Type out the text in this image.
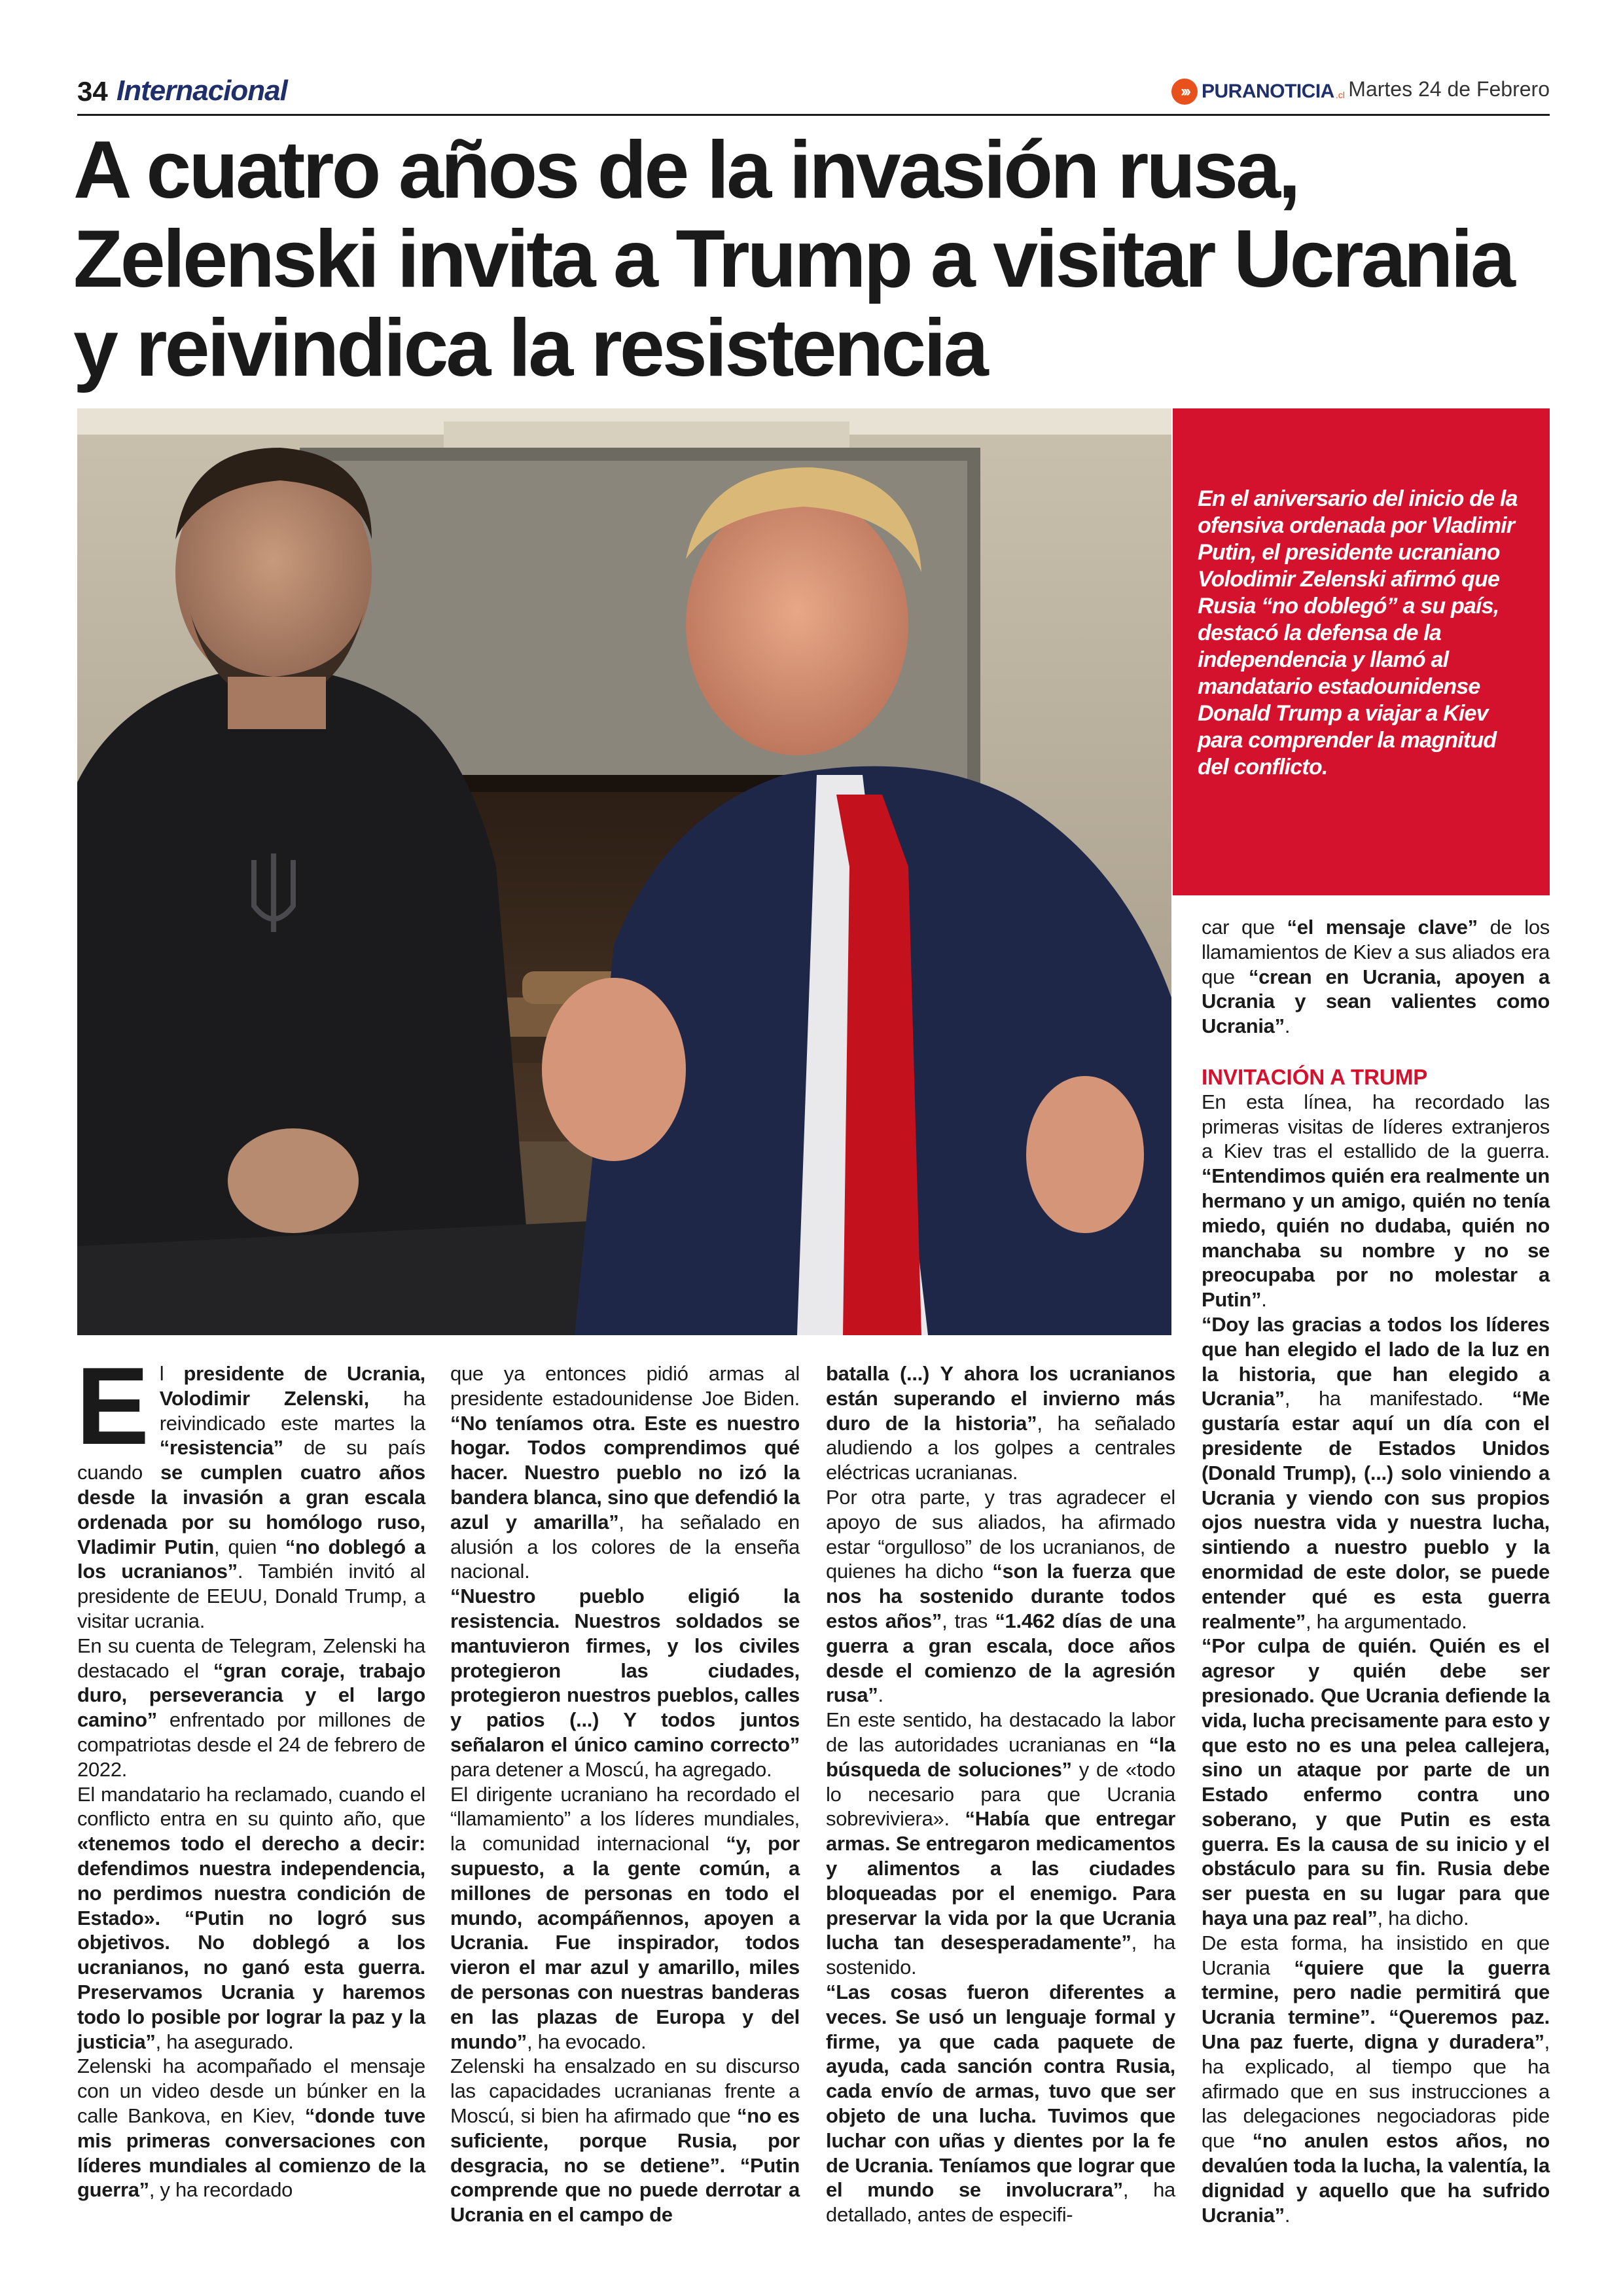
34 Internacional	››› PURANOTICIA .cl Martes 24 de Febrero
A cuatro años de la invasión rusa, Zelenski invita a Trump a visitar Ucrania y reivindica la resistencia

En el aniversario del inicio de la ofensiva ordenada por Vladimir Putin, el presidente ucraniano Volodimir Zelenski afirmó que Rusia “no doblegó” a su país, destacó la defensa de la independencia y llamó al mandatario estadounidense Donald Trump a viajar a Kiev para comprender la magnitud del conflicto.

E l presidente de Ucrania, Volodimir Zelenski, ha reivindicado este martes la “resistencia” de su país cuando se cumplen cuatro años desde la invasión a gran escala ordenada por su homólogo ruso, Vladimir Putin, quien “no doblegó a los ucranianos”. También invitó al presidente de EEUU, Donald Trump, a visitar ucrania.

En su cuenta de Telegram, Zelenski ha destacado el “gran coraje, trabajo duro, perseverancia y el largo camino” enfrentado por millones de compatriotas desde el 24 de febrero de 2022.

El mandatario ha reclamado, cuando el conflicto entra en su quinto año, que «tenemos todo el derecho a decir: defendimos nuestra independencia, no perdimos nuestra condición de Estado». “Putin no logró sus objetivos. No doblegó a los ucranianos, no ganó esta guerra. Preservamos Ucrania y haremos todo lo posible por lograr la paz y la justicia”, ha asegurado.

Zelenski ha acompañado el mensaje con un video desde un búnker en la calle Bankova, en Kiev, “donde tuve mis primeras conversaciones con líderes mundiales al comienzo de la guerra”, y ha recordado

que ya entonces pidió armas al presidente estadounidense Joe Biden. “No teníamos otra. Este es nuestro hogar. Todos comprendimos qué hacer. Nuestro pueblo no izó la bandera blanca, sino que defendió la azul y amarilla”, ha señalado en alusión a los colores de la enseña nacional.

“Nuestro pueblo eligió la resistencia. Nuestros soldados se mantuvieron firmes, y los civiles protegieron las ciudades, protegieron nuestros pueblos, calles y patios (...) Y todos juntos señalaron el único camino correcto” para detener a Moscú, ha agregado.

El dirigente ucraniano ha recordado el “llamamiento” a los líderes mundiales, la comunidad internacional “y, por supuesto, a la gente común, a millones de personas en todo el mundo, acompáñennos, apoyen a Ucrania. Fue inspirador, todos vieron el mar azul y amarillo, miles de personas con nuestras banderas en las plazas de Europa y del mundo”, ha evocado.

Zelenski ha ensalzado en su discurso las capacidades ucranianas frente a Moscú, si bien ha afirmado que “no es suficiente, porque Rusia, por desgracia, no se detiene”. “Putin comprende que no puede derrotar a Ucrania en el campo de

batalla (...) Y ahora los ucranianos están superando el invierno más duro de la historia”, ha señalado aludiendo a los golpes a centrales eléctricas ucranianas.

Por otra parte, y tras agradecer el apoyo de sus aliados, ha afirmado estar “orgulloso” de los ucranianos, de quienes ha dicho “son la fuerza que nos ha sostenido durante todos estos años”, tras “1.462 días de una guerra a gran escala, doce años desde el comienzo de la agresión rusa”.

En este sentido, ha destacado la labor de las autoridades ucranianas en “la búsqueda de soluciones” y de «todo lo necesario para que Ucrania sobreviviera». “Había que entregar armas. Se entregaron medicamentos y alimentos a las ciudades bloqueadas por el enemigo. Para preservar la vida por la que Ucrania lucha tan desesperadamente”, ha sostenido.

“Las cosas fueron diferentes a veces. Se usó un lenguaje formal y firme, ya que cada paquete de ayuda, cada sanción contra Rusia, cada envío de armas, tuvo que ser objeto de una lucha. Tuvimos que luchar con uñas y dientes por la fe de Ucrania. Teníamos que lograr que el mundo se involucrara”, ha detallado, antes de especifi-

car que “el mensaje clave” de los llamamientos de Kiev a sus aliados era que “crean en Ucrania, apoyen a Ucrania y sean valientes como Ucrania”.

INVITACIÓN A TRUMP

En esta línea, ha recordado las primeras visitas de líderes extranjeros a Kiev tras el estallido de la guerra. “Entendimos quién era realmente un hermano y un amigo, quién no tenía miedo, quién no dudaba, quién no manchaba su nombre y no se preocupaba por no molestar a Putin”.

“Doy las gracias a todos los líderes que han elegido el lado de la luz en la historia, que han elegido a Ucrania”, ha manifestado. “Me gustaría estar aquí un día con el presidente de Estados Unidos (Donald Trump), (...) solo viniendo a Ucrania y viendo con sus propios ojos nuestra vida y nuestra lucha, sintiendo a nuestro pueblo y la enormidad de este dolor, se puede entender qué es esta guerra realmente”, ha argumentado.

“Por culpa de quién. Quién es el agresor y quién debe ser presionado. Que Ucrania defiende la vida, lucha precisamente para esto y que esto no es una pelea callejera, sino un ataque por parte de un Estado enfermo contra uno soberano, y que Putin es esta guerra. Es la causa de su inicio y el obstáculo para su fin. Rusia debe ser puesta en su lugar para que haya una paz real”, ha dicho.

De esta forma, ha insistido en que Ucrania “quiere que la guerra termine, pero nadie permitirá que Ucrania termine”. “Queremos paz. Una paz fuerte, digna y duradera”, ha explicado, al tiempo que ha afirmado que en sus instrucciones a las delegaciones negociadoras pide que “no anulen estos años, no devalúen toda la lucha, la valentía, la dignidad y aquello que ha sufrido Ucrania”.
